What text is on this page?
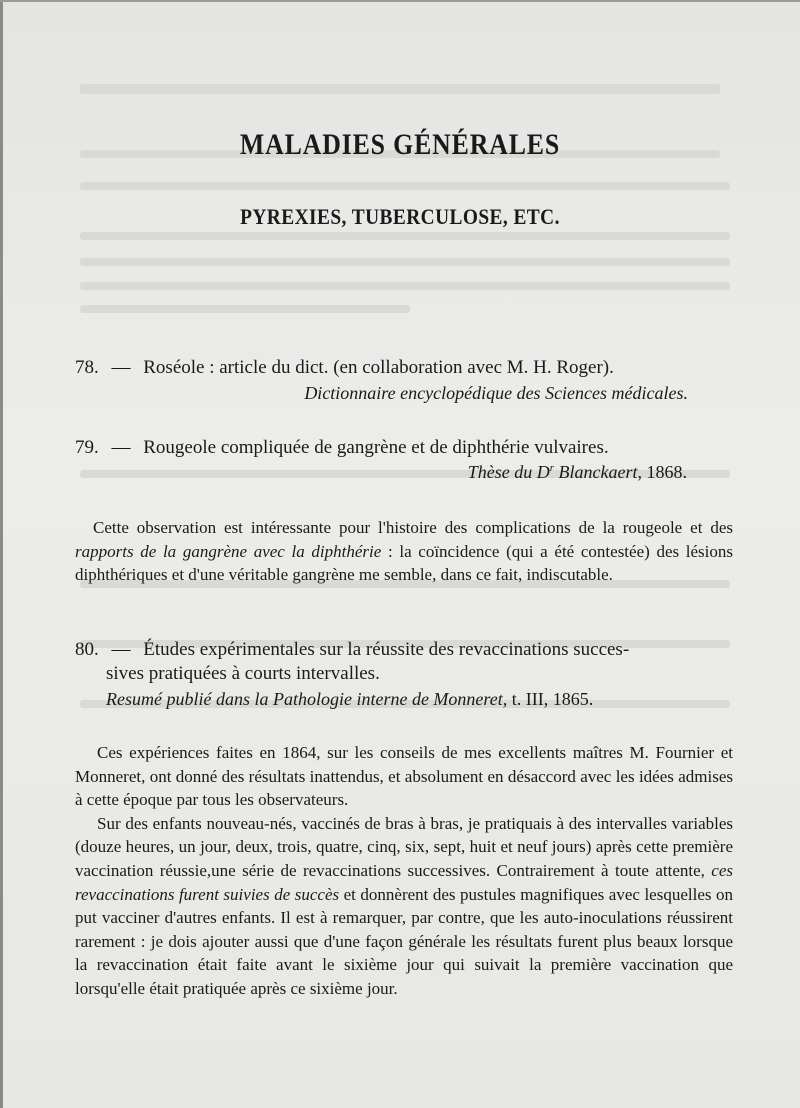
MALADIES GÉNÉRALES
PYREXIES, TUBERCULOSE, ETC.
78. — Roséole : article du dict. (en collaboration avec M. H. Roger).
Dictionnaire encyclopédique des Sciences médicales.
79. — Rougeole compliquée de gangrène et de diphthérie vulvaires.
Thèse du $D^r$ Blanckaert, 1868.

Cette observation est intéressante pour l'histoire des complications de la rougeole et des rapports de la gangrène avec la diphthérie : la coïncidence (qui a été contestée) des lésions diphthériques et d'une véritable gangrène me semble, dans ce fait, indiscutable.

80. — Études expérimentales sur la réussite des revaccinations succes-
sives pratiquées à courts intervalles.
Resumé publié dans la Pathologie interne de Monneret, t. III, 1865.

Ces expériences faites en 1864, sur les conseils de mes excellents maîtres M. Fournier et Monneret, ont donné des résultats inattendus, et absolument en désaccord avec les idées admises à cette époque par tous les observateurs.

Sur des enfants nouveau-nés, vaccinés de bras à bras, je pratiquais à des intervalles variables (douze heures, un jour, deux, trois, quatre, cinq, six, sept, huit et neuf jours) après cette première vaccination réussie,une série de revaccinations successives. Contrairement à toute attente, ces revaccinations furent suivies de succès et donnèrent des pustules magnifiques avec lesquelles on put vacciner d'autres enfants. Il est à remarquer, par contre, que les auto-inoculations réussirent rarement : je dois ajouter aussi que d'une façon générale les résultats furent plus beaux lorsque la revaccination était faite avant le sixième jour qui suivait la première vaccination que lorsqu'elle était pratiquée après ce sixième jour.
